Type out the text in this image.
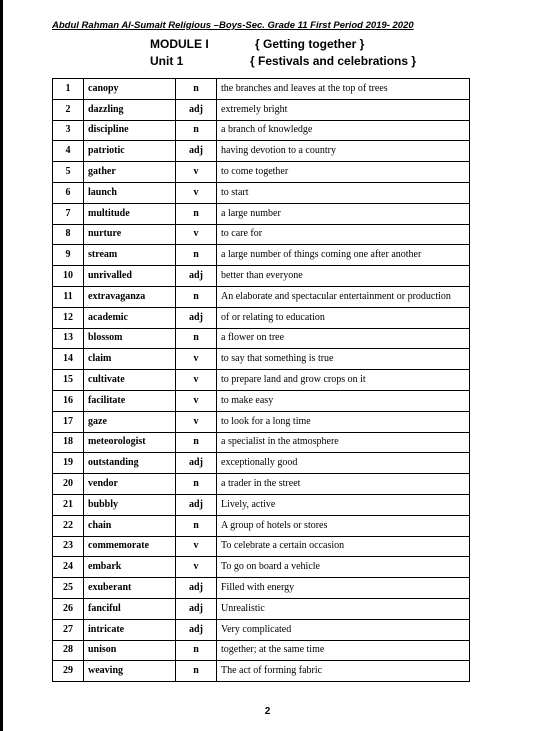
Abdul Rahman Al-Sumait Religious –Boys-Sec. Grade 11 First Period 2019- 2020
MODULE I	{ Getting together }
Unit 1	{ Festivals and celebrations }
1	canopy	n	the branches and leaves at the top of trees
2	dazzling	adj	extremely bright
3	discipline	n	a branch of knowledge
4	patriotic	adj	having devotion to a country
5	gather	v	to come together
6	launch	v	to start
7	multitude	n	a large number
8	nurture	v	to care for
9	stream	n	a large number of things coming one after another
10	unrivalled	adj	better than everyone
11	extravaganza	n	An elaborate and spectacular entertainment or production
12	academic	adj	of or relating to education
13	blossom	n	a flower on tree
14	claim	v	to say that something is true
15	cultivate	v	to prepare land and grow crops on it
16	facilitate	v	to make easy
17	gaze	v	to look for a long time
18	meteorologist	n	a specialist in the atmosphere
19	outstanding	adj	exceptionally good
20	vendor	n	a trader in the street
21	bubbly	adj	Lively, active
22	chain	n	A group of hotels or stores
23	commemorate	v	To celebrate a certain occasion
24	embark	v	To go on board a vehicle
25	exuberant	adj	Filled with energy
26	fanciful	adj	Unrealistic
27	intricate	adj	Very complicated
28	unison	n	together; at the same time
29	weaving	n	The act of forming fabric
2
